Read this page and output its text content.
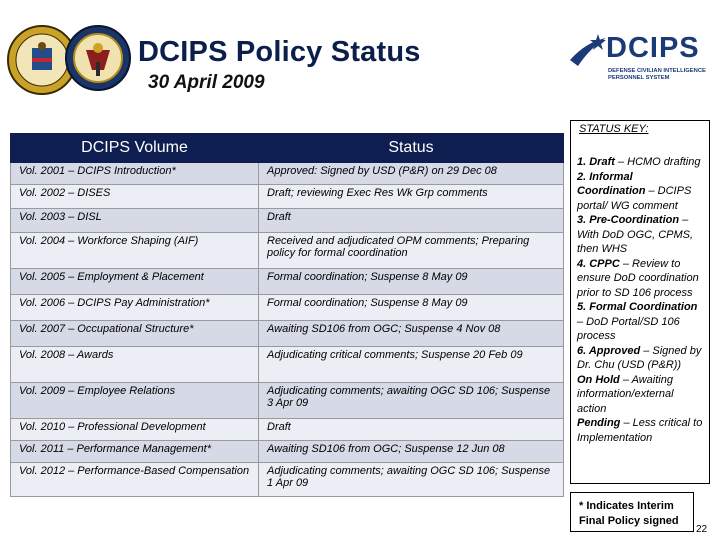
DCIPS Policy Status
30 April 2009
DCIPS
DEFENSE CIVILIAN INTELLIGENCE PERSONNEL SYSTEM
DCIPS Volume	Status
Vol. 2001 – DCIPS Introduction*	Approved: Signed by USD (P&R) on 29 Dec 08
Vol. 2002 – DISES	Draft; reviewing Exec Res Wk Grp comments
Vol. 2003 – DISL	Draft
Vol. 2004 – Workforce Shaping (AIF)	Received and adjudicated OPM comments; Preparing policy for formal coordination
Vol. 2005 – Employment & Placement	Formal coordination; Suspense 8 May 09
Vol. 2006 – DCIPS Pay Administration*	Formal coordination; Suspense 8 May 09
Vol. 2007 – Occupational Structure*	Awaiting SD106 from OGC; Suspense 4 Nov 08
Vol. 2008 – Awards	Adjudicating critical comments; Suspense 20 Feb 09
Vol. 2009 – Employee Relations	Adjudicating comments; awaiting OGC SD 106; Suspense 3 Apr 09
Vol. 2010 – Professional Development	Draft
Vol. 2011 – Performance Management*	Awaiting SD106 from OGC; Suspense 12 Jun 08
Vol. 2012 – Performance-Based Compensation	Adjudicating comments; awaiting OGC SD 106; Suspense 1 Apr 09
STATUS KEY:
1. Draft – HCMO drafting
2. Informal Coordination – DCIPS portal/ WG comment
3. Pre-Coordination – With DoD OGC, CPMS, then WHS
4. CPPC – Review to ensure DoD coordination prior to SD 106 process
5. Formal Coordination – DoD Portal/SD 106 process
6. Approved – Signed by Dr. Chu (USD (P&R))
On Hold – Awaiting information/external action
Pending – Less critical to Implementation
* Indicates Interim Final Policy signed
22
